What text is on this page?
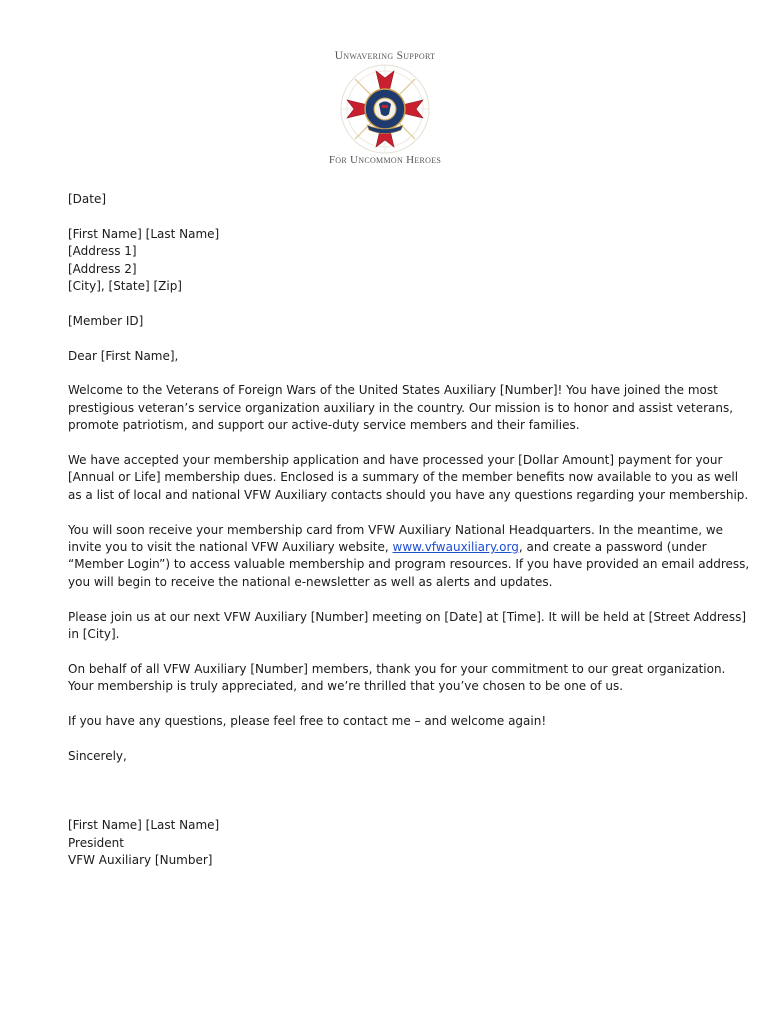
Unwavering Support
For Uncommon Heroes

[Date]

[First Name] [Last Name]
[Address 1]
[Address 2]
[City], [State] [Zip]

[Member ID]

Dear [First Name],

Welcome to the Veterans of Foreign Wars of the United States Auxiliary [Number]! You have joined the most
prestigious veteran’s service organization auxiliary in the country. Our mission is to honor and assist veterans,
promote patriotism, and support our active-duty service members and their families.

We have accepted your membership application and have processed your [Dollar Amount] payment for your
[Annual or Life] membership dues. Enclosed is a summary of the member benefits now available to you as well
as a list of local and national VFW Auxiliary contacts should you have any questions regarding your membership.

You will soon receive your membership card from VFW Auxiliary National Headquarters. In the meantime, we
invite you to visit the national VFW Auxiliary website, www.vfwauxiliary.org, and create a password (under
“Member Login”) to access valuable membership and program resources. If you have provided an email address,
you will begin to receive the national e-newsletter as well as alerts and updates.

Please join us at our next VFW Auxiliary [Number] meeting on [Date] at [Time]. It will be held at [Street Address]
in [City].

On behalf of all VFW Auxiliary [Number] members, thank you for your commitment to our great organization.
Your membership is truly appreciated, and we’re thrilled that you’ve chosen to be one of us.

If you have any questions, please feel free to contact me – and welcome again!

Sincerely,

[First Name] [Last Name]
President
VFW Auxiliary [Number]
